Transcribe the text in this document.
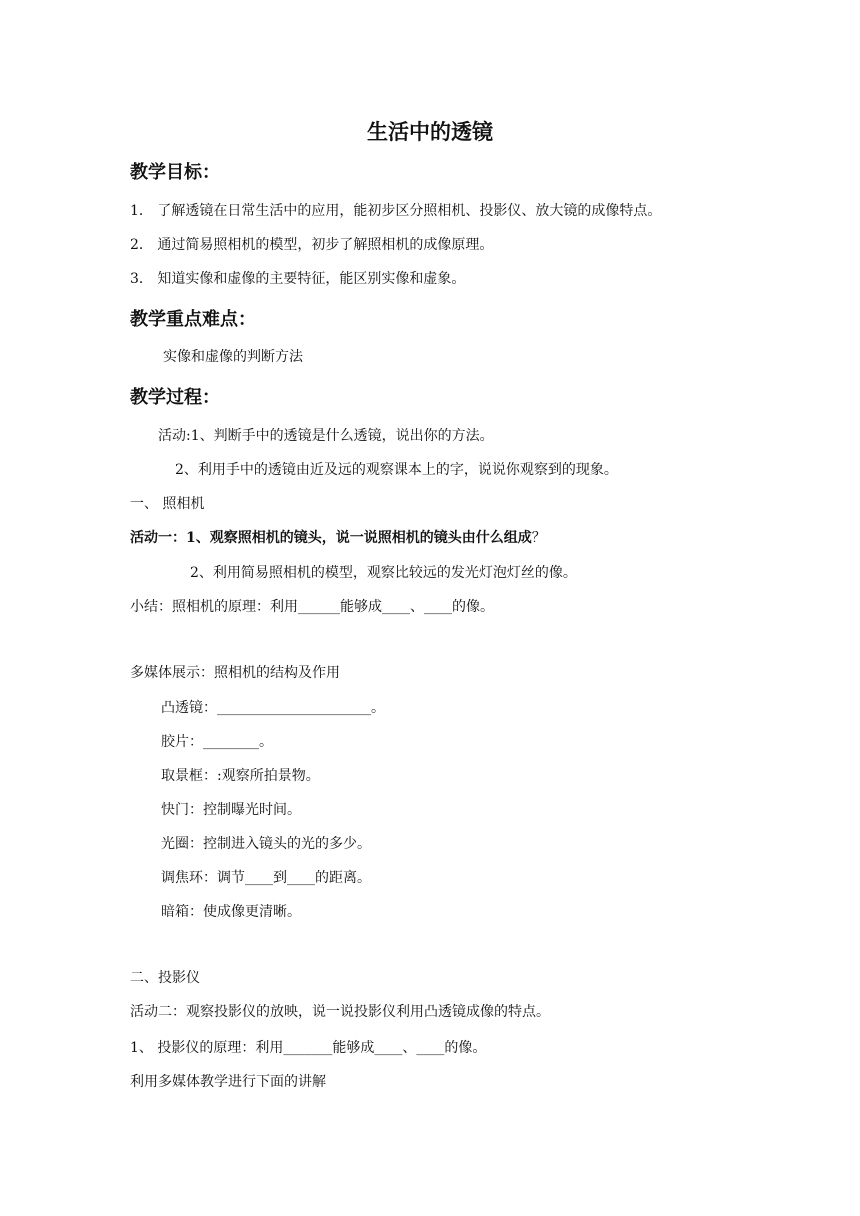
生活中的透镜
教学目标：
1． 了解透镜在日常生活中的应用，能初步区分照相机、投影仪、放大镜的成像特点。
2． 通过简易照相机的模型，初步了解照相机的成像原理。
3． 知道实像和虚像的主要特征，能区别实像和虚象。
教学重点难点：
实像和虚像的判断方法
教学过程：
活动:1、判断手中的透镜是什么透镜，说出你的方法。
2、利用手中的透镜由近及远的观察课本上的字，说说你观察到的现象。
一、 照相机
活动一：1、观察照相机的镜头，说一说照相机的镜头由什么组成？
2、利用简易照相机的模型，观察比较远的发光灯泡灯丝的像。
小结：照相机的原理：利用______能够成____、____的像。
多媒体展示：照相机的结构及作用
凸透镜：______________________。
胶片：________。
取景框：:观察所拍景物。
快门：控制曝光时间。
光圈：控制进入镜头的光的多少。
调焦环：调节____到____的距离。
暗箱：使成像更清晰。
二、投影仪
活动二：观察投影仪的放映，说一说投影仪利用凸透镜成像的特点。
1、 投影仪的原理：利用_______能够成____、____的像。
利用多媒体教学进行下面的讲解
